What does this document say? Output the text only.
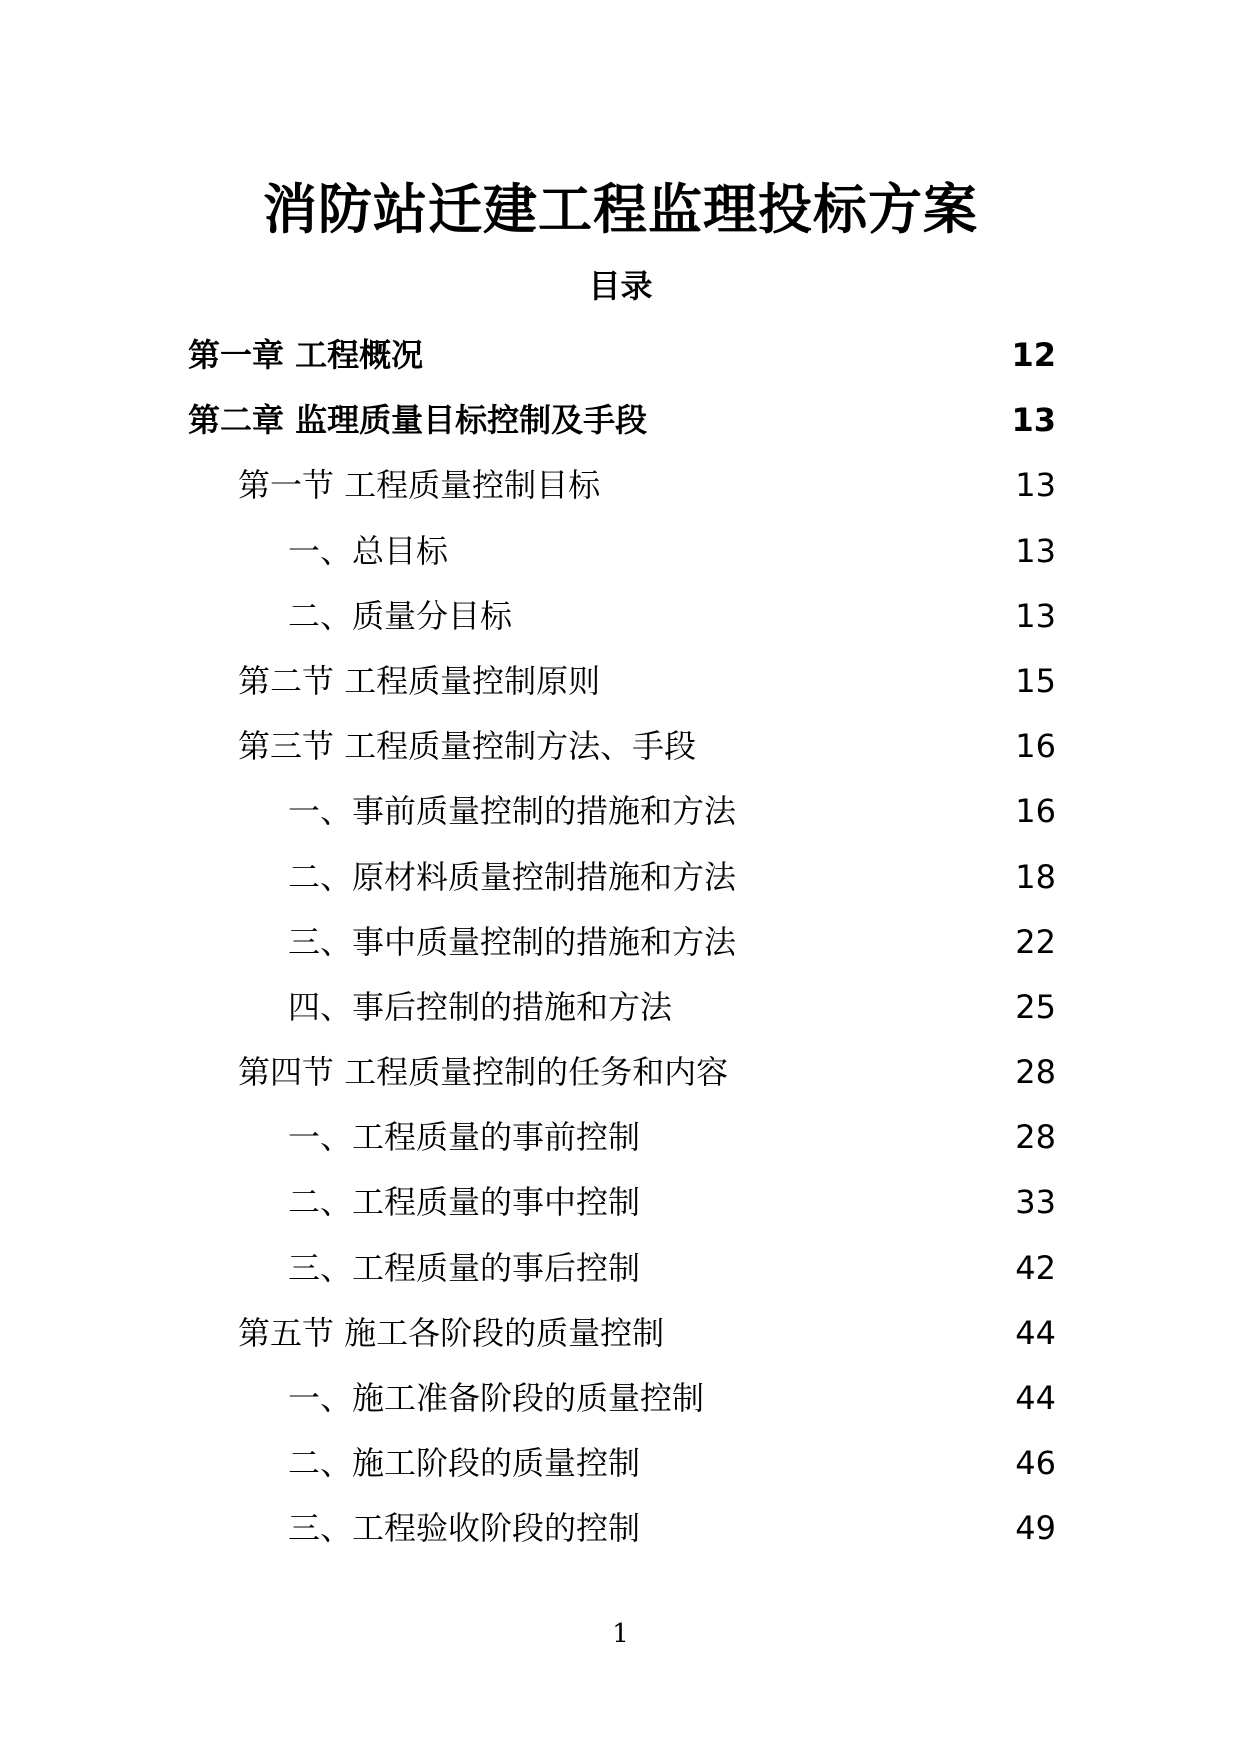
消防站迁建工程监理投标方案
目录
第一章 工程概况	12
第二章 监理质量目标控制及手段	13
第一节 工程质量控制目标	13
一、总目标	13
二、质量分目标	13
第二节 工程质量控制原则	15
第三节 工程质量控制方法、手段	16
一、事前质量控制的措施和方法	16
二、原材料质量控制措施和方法	18
三、事中质量控制的措施和方法	22
四、事后控制的措施和方法	25
第四节 工程质量控制的任务和内容	28
一、工程质量的事前控制	28
二、工程质量的事中控制	33
三、工程质量的事后控制	42
第五节 施工各阶段的质量控制	44
一、施工准备阶段的质量控制	44
二、施工阶段的质量控制	46
三、工程验收阶段的控制	49
1
